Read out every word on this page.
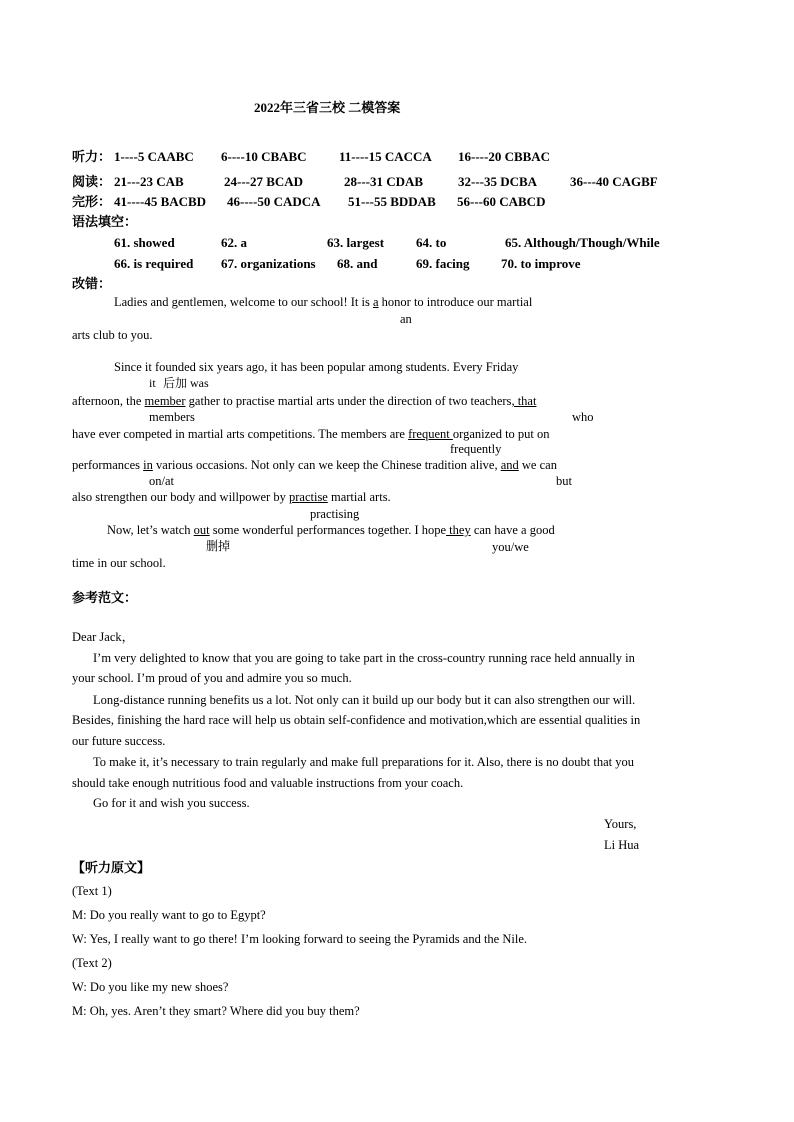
2022年三省三校 二模答案
听力： 1----5 CAABC 6----10 CBABC 11----15 CACCA 16----20 CBBAC
阅读： 21---23 CAB	24---27 BCAD	28---31 CDAB	32---35 DCBA	36---40 CAGBF
完形： 41----45 BACBD 46----50 CADCA 51---55 BDDAB 56---60 CABCD
语法填空：
61. showed	62. a	63. largest 64. to	65. Although/Though/While
66. is required 67. organizations 68. and	69. facing 70. to improve
改错：
Ladies and gentlemen, welcome to our school! It is a honor to introduce our martial
an
arts club to you.
Since it founded six years ago, it has been popular among students. Every Friday
it 后加 was
afternoon, the member gather to practise martial arts under the direction of two teachers, that
members	who
have ever competed in martial arts competitions. The members are frequent organized to put on
frequently
performances in various occasions. Not only can we keep the Chinese tradition alive, and we can
on/at	but
also strengthen our body and willpower by practise martial arts.
practising
Now, let’s watch out some wonderful performances together. I hope they can have a good
删掉	you/we
time in our school.
参考范文：
Dear Jack，
I’m very delighted to know that you are going to take part in the cross-country running race held annually in
your school. I’m proud of you and admire you so much.
Long-distance running benefits us a lot. Not only can it build up our body but it can also strengthen our will.
Besides, finishing the hard race will help us obtain self-confidence and motivation,which are essential qualities in
our future success.
To make it, it’s necessary to train regularly and make full preparations for it. Also, there is no doubt that you
should take enough nutritious food and valuable instructions from your coach.
Go for it and wish you success.
Yours,
Li Hua
【听力原文】
(Text 1)
M: Do you really want to go to Egypt?
W: Yes, I really want to go there! I’m looking forward to seeing the Pyramids and the Nile.
(Text 2)
W: Do you like my new shoes?
M: Oh, yes. Aren’t they smart? Where did you buy them?
